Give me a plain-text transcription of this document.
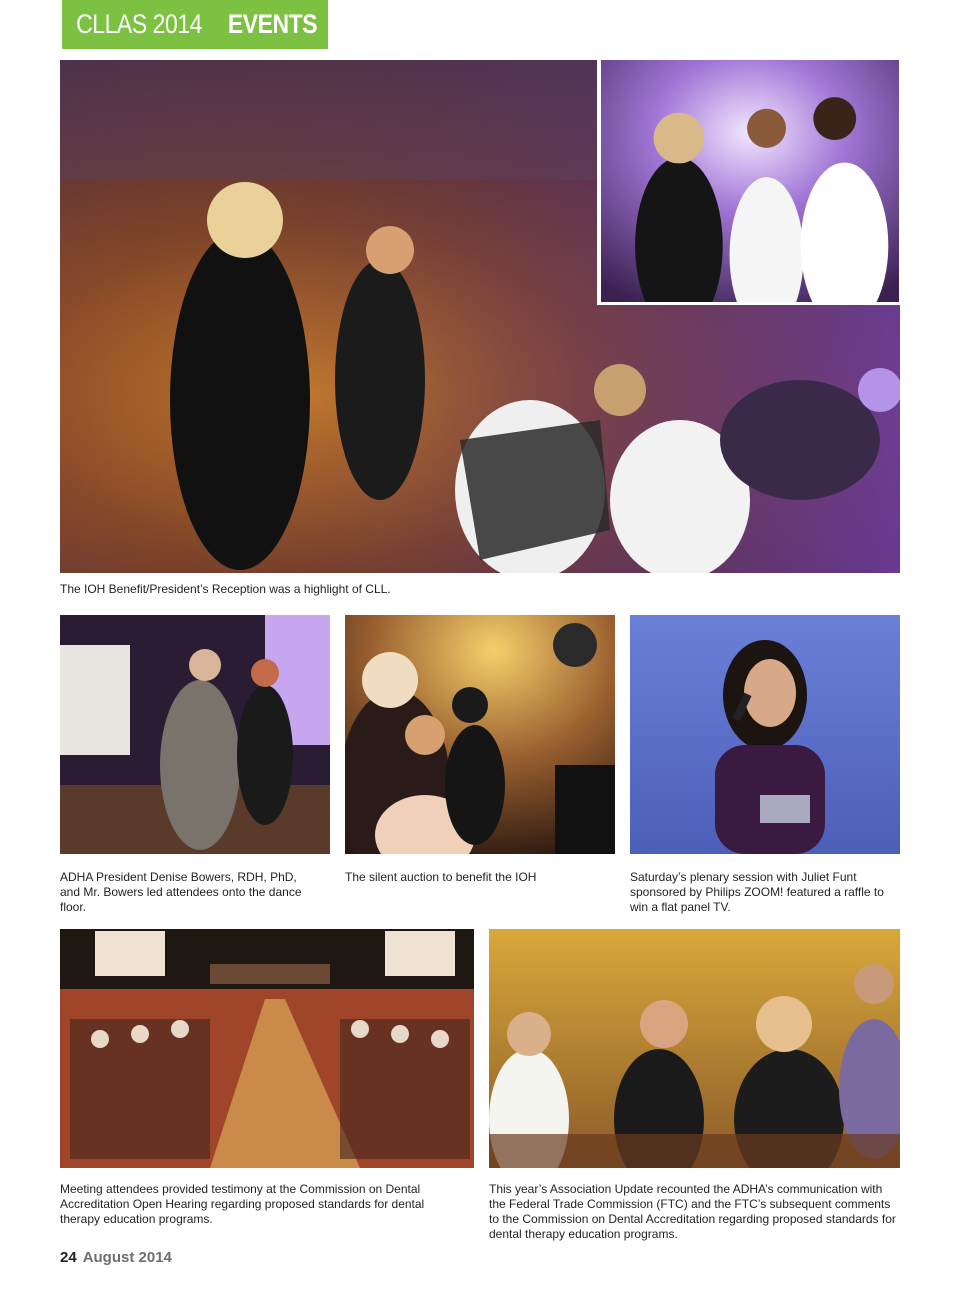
CLLAS 2014 EVENTS
The IOH Benefit/President’s Reception was a highlight of CLL.
ADHA President Denise Bowers, RDH, PhD, and Mr. Bowers led attendees onto the dance floor.
The silent auction to benefit the IOH	Saturday’s plenary session with Juliet Funt sponsored by Philips ZOOM! featured a raffle to win a flat panel TV.
Meeting attendees provided testimony at the Commission on Dental Accreditation Open Hearing regarding proposed standards for dental therapy education programs.
This year’s Association Update recounted the ADHA’s communication with the Federal Trade Commission (FTC) and the FTC’s subsequent comments to the Commission on Dental Accreditation regarding proposed standards for dental therapy education programs.
24 August 2014
